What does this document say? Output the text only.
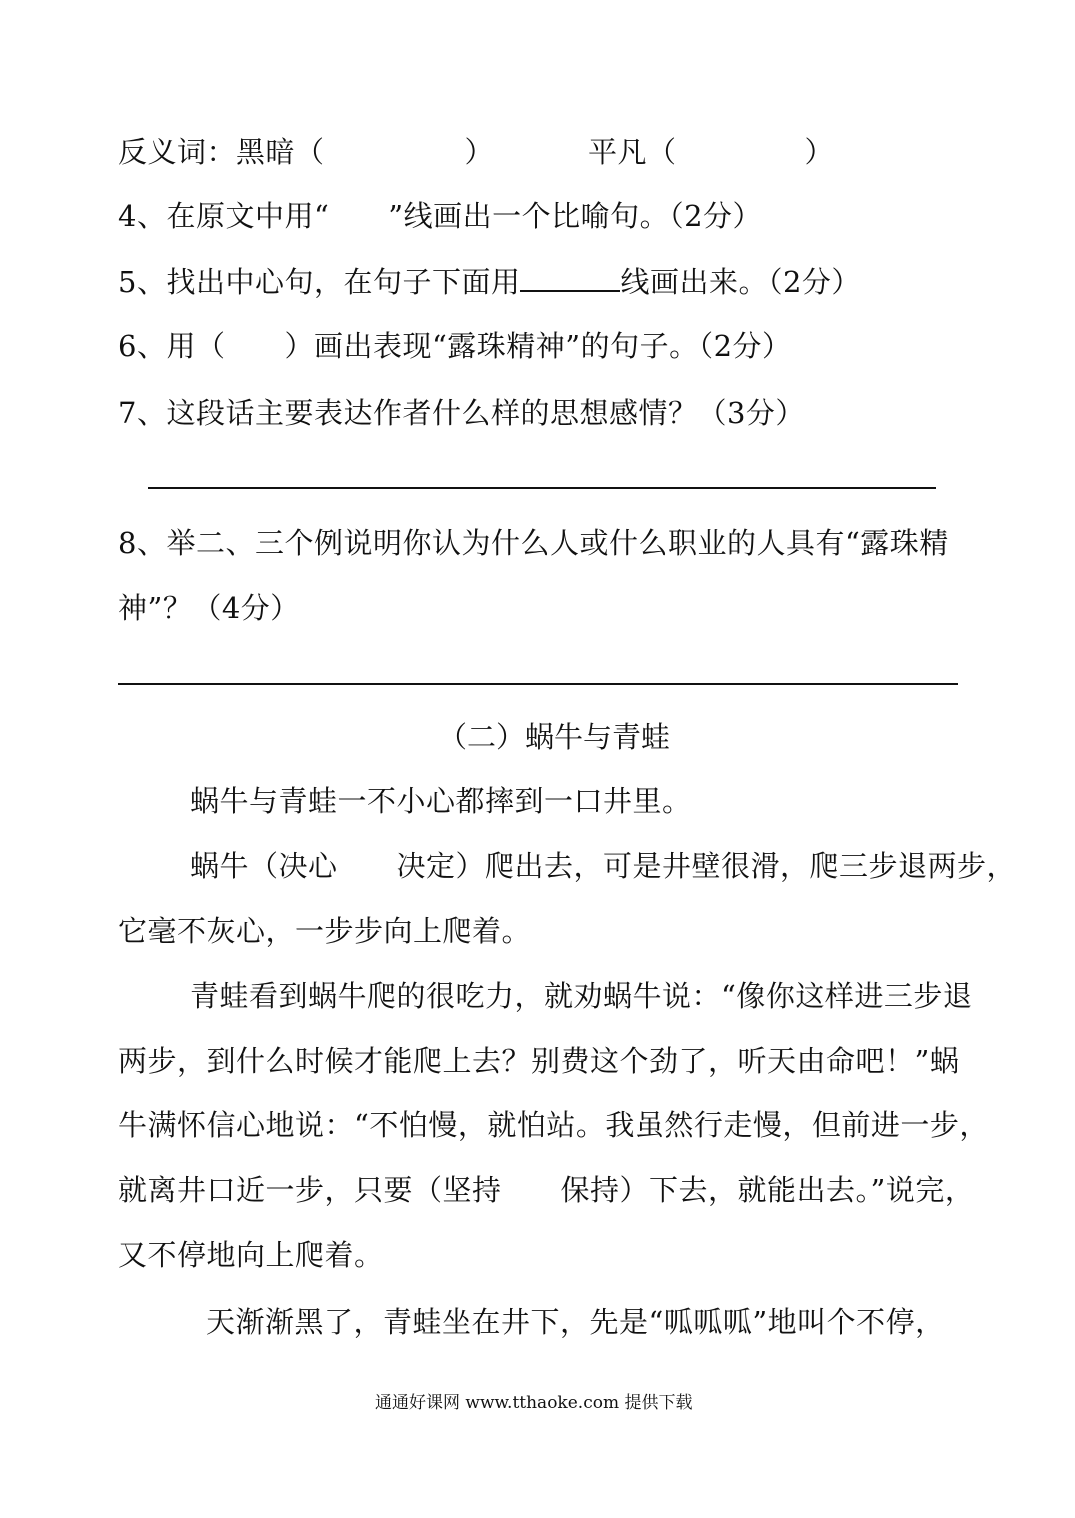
反义词：黑暗（	）	平凡（	）
4、在原文中用“　　”线画出一个比喻句。（2分）
5、找出中心句，在句子下面用	线画出来。（2分）
6、用（　　）画出表现“露珠精神”的句子。（2分）
7、这段话主要表达作者什么样的思想感情？（3分）
8、举二、三个例说明你认为什么人或什么职业的人具有“露珠精
神”？（4分）
（二）蜗牛与青蛙
蜗牛与青蛙一不小心都摔到一口井里。
蜗牛（决心　　决定）爬出去，可是井壁很滑，爬三步退两步，
它毫不灰心，一步步向上爬着。
青蛙看到蜗牛爬的很吃力，就劝蜗牛说：“像你这样进三步退
两步，到什么时候才能爬上去？别费这个劲了，听天由命吧！”蜗
牛满怀信心地说：“不怕慢，就怕站。我虽然行走慢，但前进一步，
就离井口近一步，只要（坚持　　保持）下去，就能出去。”说完，
又不停地向上爬着。
天渐渐黑了，青蛙坐在井下，先是“呱呱呱”地叫个不停，
通通好课网 www.tthaoke.com 提供下载
